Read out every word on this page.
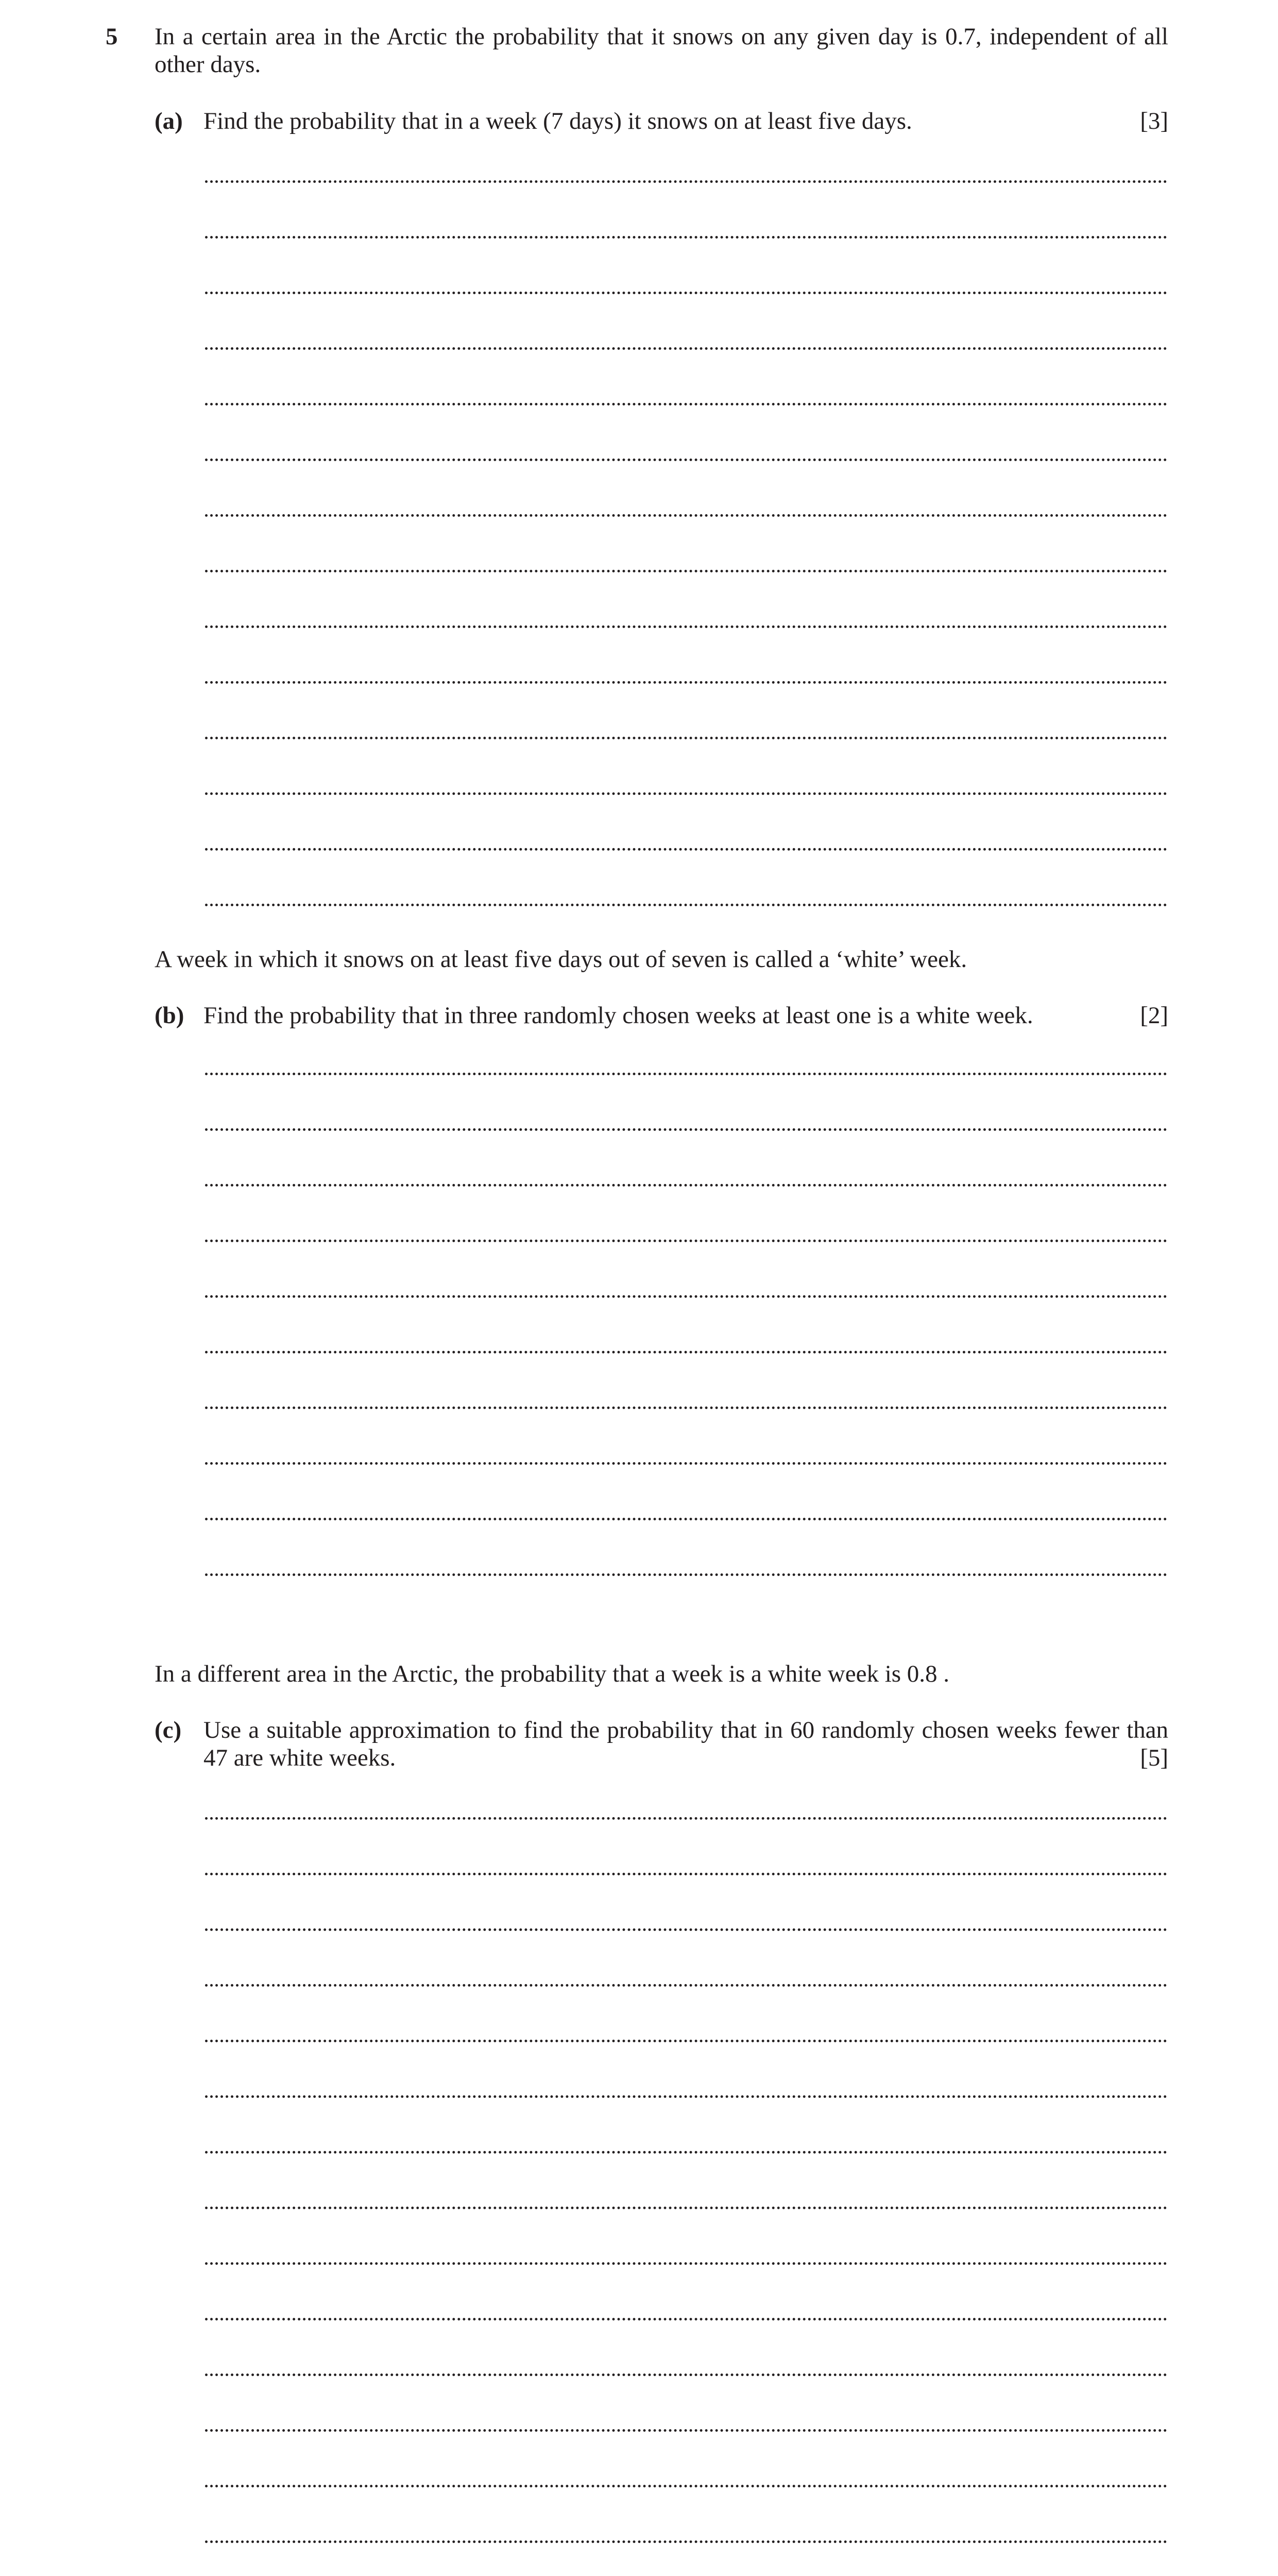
5 In a certain area in the Arctic the probability that it snows on any given day is 0.7, independent of all other days.

(a) Find the probability that in a week (7 days) it snows on at least five days.	[3]

A week in which it snows on at least five days out of seven is called a ‘white’ week.

(b) Find the probability that in three randomly chosen weeks at least one is a white week.	[2]

In a different area in the Arctic, the probability that a week is a white week is 0.8 .

(c) Use a suitable approximation to find the probability that in 60 randomly chosen weeks fewer than 47 are white weeks.	[5]
